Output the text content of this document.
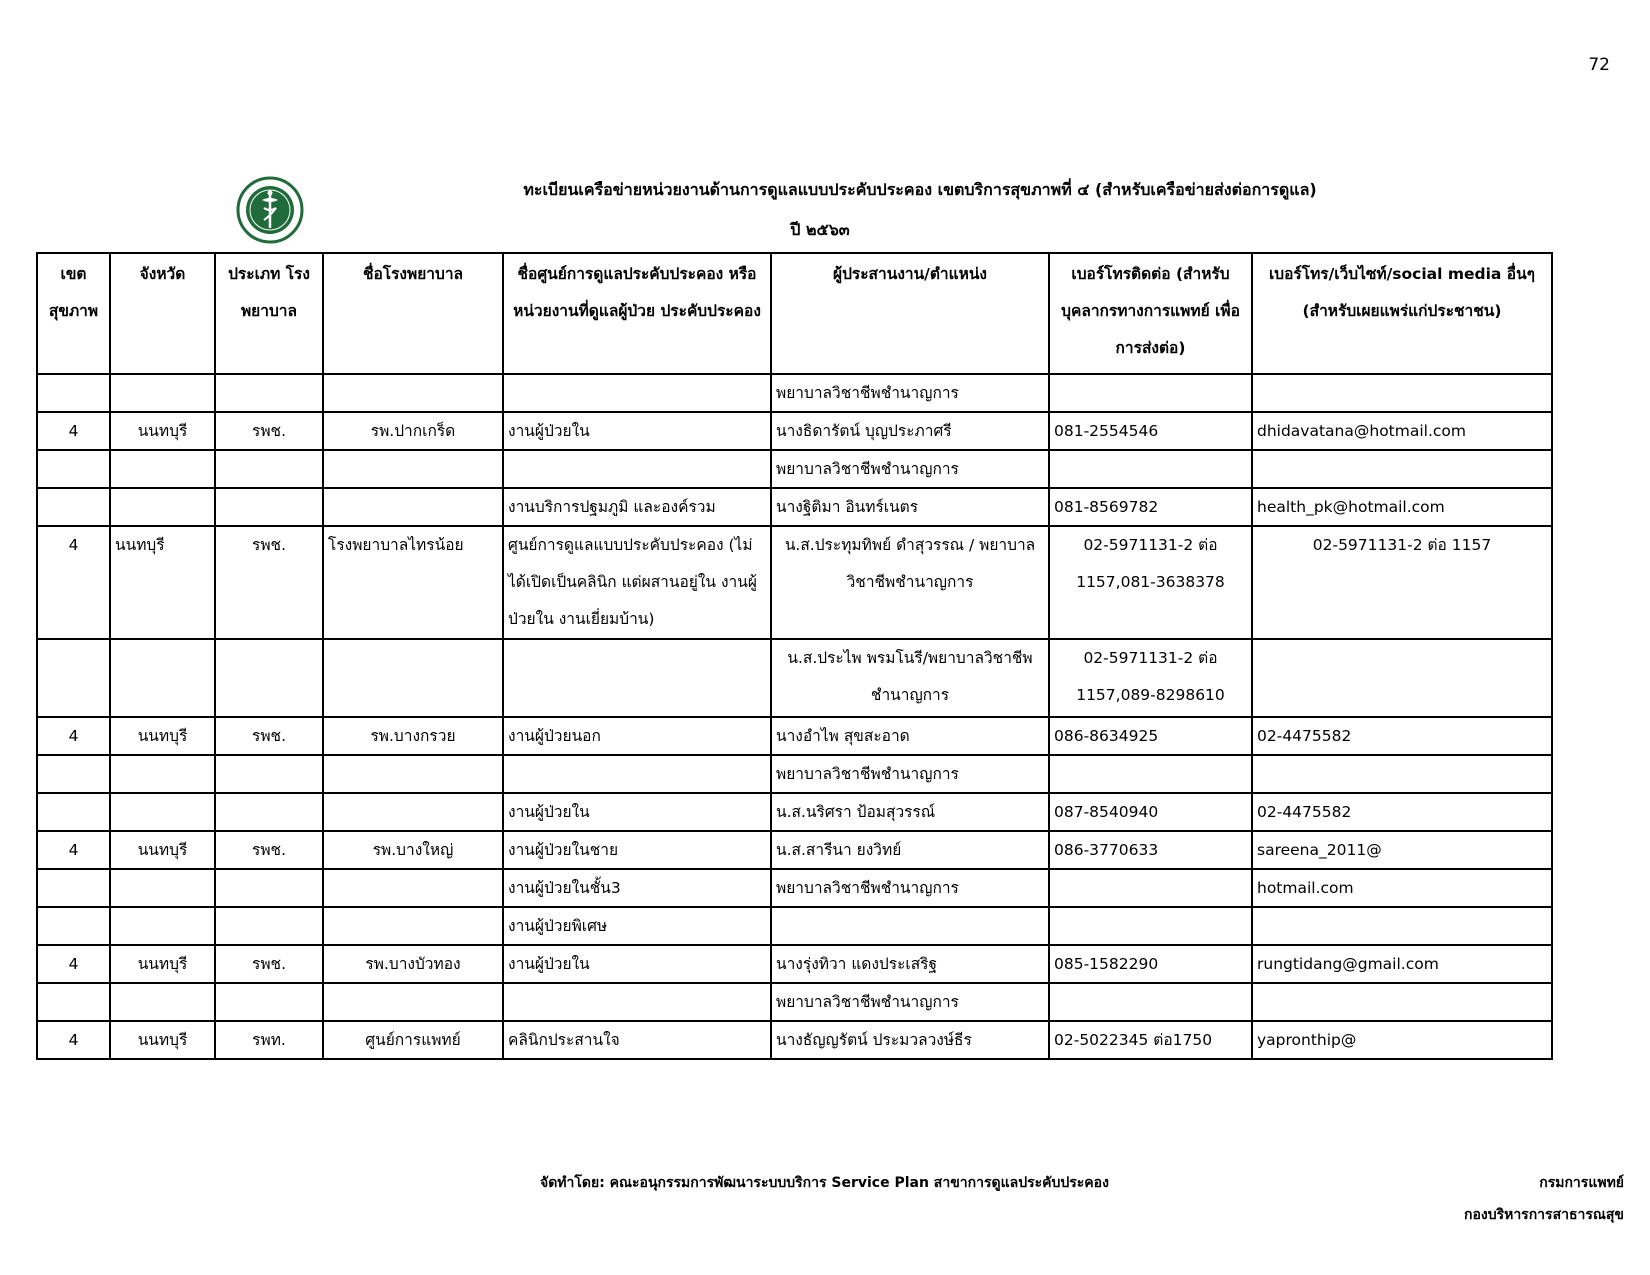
72
ทะเบียนเครือข่ายหน่วยงานด้านการดูแลแบบประคับประคอง เขตบริการสุขภาพที่ ๔ (สำหรับเครือข่ายส่งต่อการดูแล)
ปี ๒๕๖๓
เขต สุขภาพ	จังหวัด	ประเภท โรงพยาบาล	ชื่อโรงพยาบาล	ชื่อศูนย์การดูแลประคับประคอง หรือ หน่วยงานที่ดูแลผู้ป่วย ประคับประคอง	ผู้ประสานงาน/ตำแหน่ง	เบอร์โทรติดต่อ (สำหรับ บุคลากรทางการแพทย์ เพื่อการส่งต่อ)	เบอร์โทร/เว็บไซท์/social media อื่นๆ (สำหรับเผยแพร่แก่ประชาชน)
					พยาบาลวิชาชีพชำนาญการ		
4	นนทบุรี	รพช.	รพ.ปากเกร็ด	งานผู้ป่วยใน	นางธิดารัตน์ บุญประภาศรี	081-2554546	dhidavatana@hotmail.com
					พยาบาลวิชาชีพชำนาญการ		
				งานบริการปฐมภูมิ และองค์รวม	นางฐิติมา อินทร์เนตร	081-8569782	health_pk@hotmail.com
4	นนทบุรี	รพช.	โรงพยาบาลไทรน้อย	ศูนย์การดูแลแบบประคับประคอง (ไม่ได้เปิดเป็นคลินิก แต่ผสานอยู่ใน งานผู้ป่วยใน งานเยี่ยมบ้าน)	น.ส.ประทุมทิพย์ ดำสุวรรณ / พยาบาลวิชาชีพชำนาญการ	02-5971131-2 ต่อ 1157,081-3638378	02-5971131-2 ต่อ 1157
					น.ส.ประไพ พรมโนรี/พยาบาลวิชาชีพ ชำนาญการ	02-5971131-2 ต่อ 1157,089-8298610	
4	นนทบุรี	รพช.	รพ.บางกรวย	งานผู้ป่วยนอก	นางอำไพ สุขสะอาด	086-8634925	02-4475582
					พยาบาลวิชาชีพชำนาญการ		
				งานผู้ป่วยใน	น.ส.นริศรา ป้อมสุวรรณ์	087-8540940	02-4475582
4	นนทบุรี	รพช.	รพ.บางใหญ่	งานผู้ป่วยในชาย	น.ส.สารีนา ยงวิทย์	086-3770633	sareena_2011@
				งานผู้ป่วยในชั้น3	พยาบาลวิชาชีพชำนาญการ		hotmail.com
				งานผู้ป่วยพิเศษ			
4	นนทบุรี	รพช.	รพ.บางบัวทอง	งานผู้ป่วยใน	นางรุ่งทิวา แดงประเสริฐ	085-1582290	rungtidang@gmail.com
					พยาบาลวิชาชีพชำนาญการ		
4	นนทบุรี	รพท.	ศูนย์การแพทย์	คลินิกประสานใจ	นางธัญญรัตน์ ประมวลวงษ์ธีร	02-5022345 ต่อ1750	yapronthip@
จัดทำโดย: คณะอนุกรรมการพัฒนาระบบบริการ Service Plan สาขาการดูแลประคับประคอง	กรมการแพทย์
กองบริหารการสาธารณสุข
